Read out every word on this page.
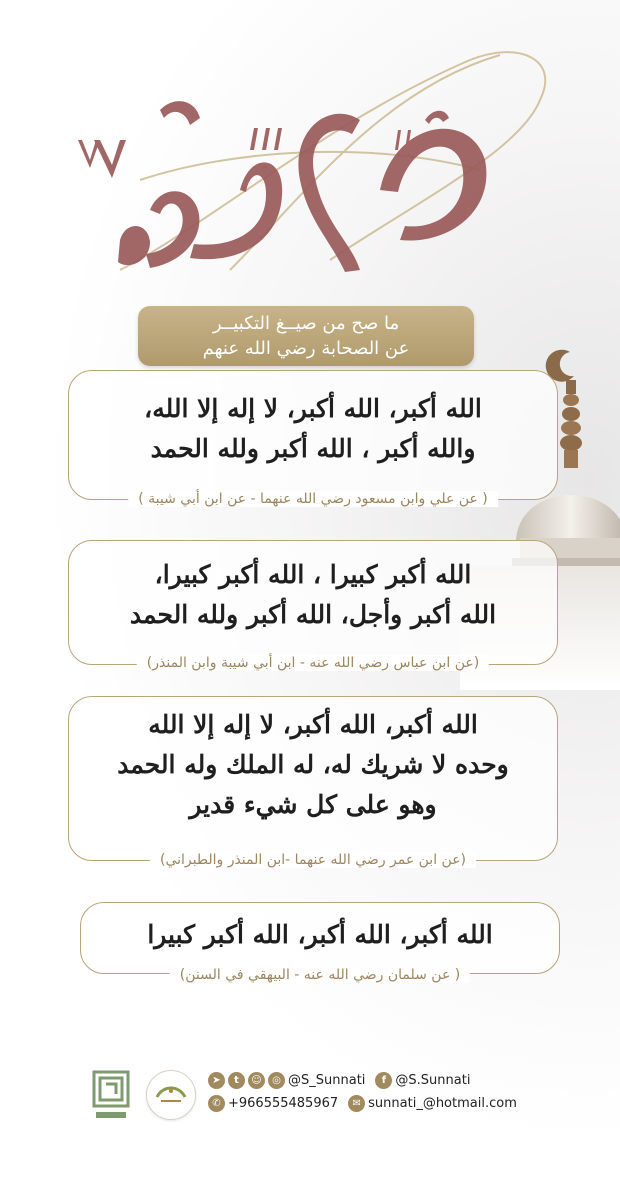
ما صح من صيــغ التكبيــر
عن الصحابة رضي الله عنهم
الله أكبر، الله أكبر، لا إله إلا الله،
والله أكبر ، الله أكبر ولله الحمد
( عن علي وابن مسعود رضي الله عنهما - عن ابن أبي شيبة )
الله أكبر كبيرا ، الله أكبر كبيرا،
الله أكبر وأجل، الله أكبر ولله الحمد
(عن ابن عباس رضي الله عنه - ابن أبي شيبة وابن المنذر)
الله أكبر، الله أكبر، لا إله إلا الله
وحده لا شريك له، له الملك وله الحمد
وهو على كل شيء قدير
(عن ابن عمر رضي الله عنهما -ابن المنذر والطبراني)
الله أكبر، الله أكبر، الله أكبر كبيرا
( عن سلمان رضي الله عنه - البيهقي في السنن)
➤	t	☺	◎ @S_Sunnati	f @S.Sunnati
✆ +966555485967	✉ sunnati_@hotmail.com
